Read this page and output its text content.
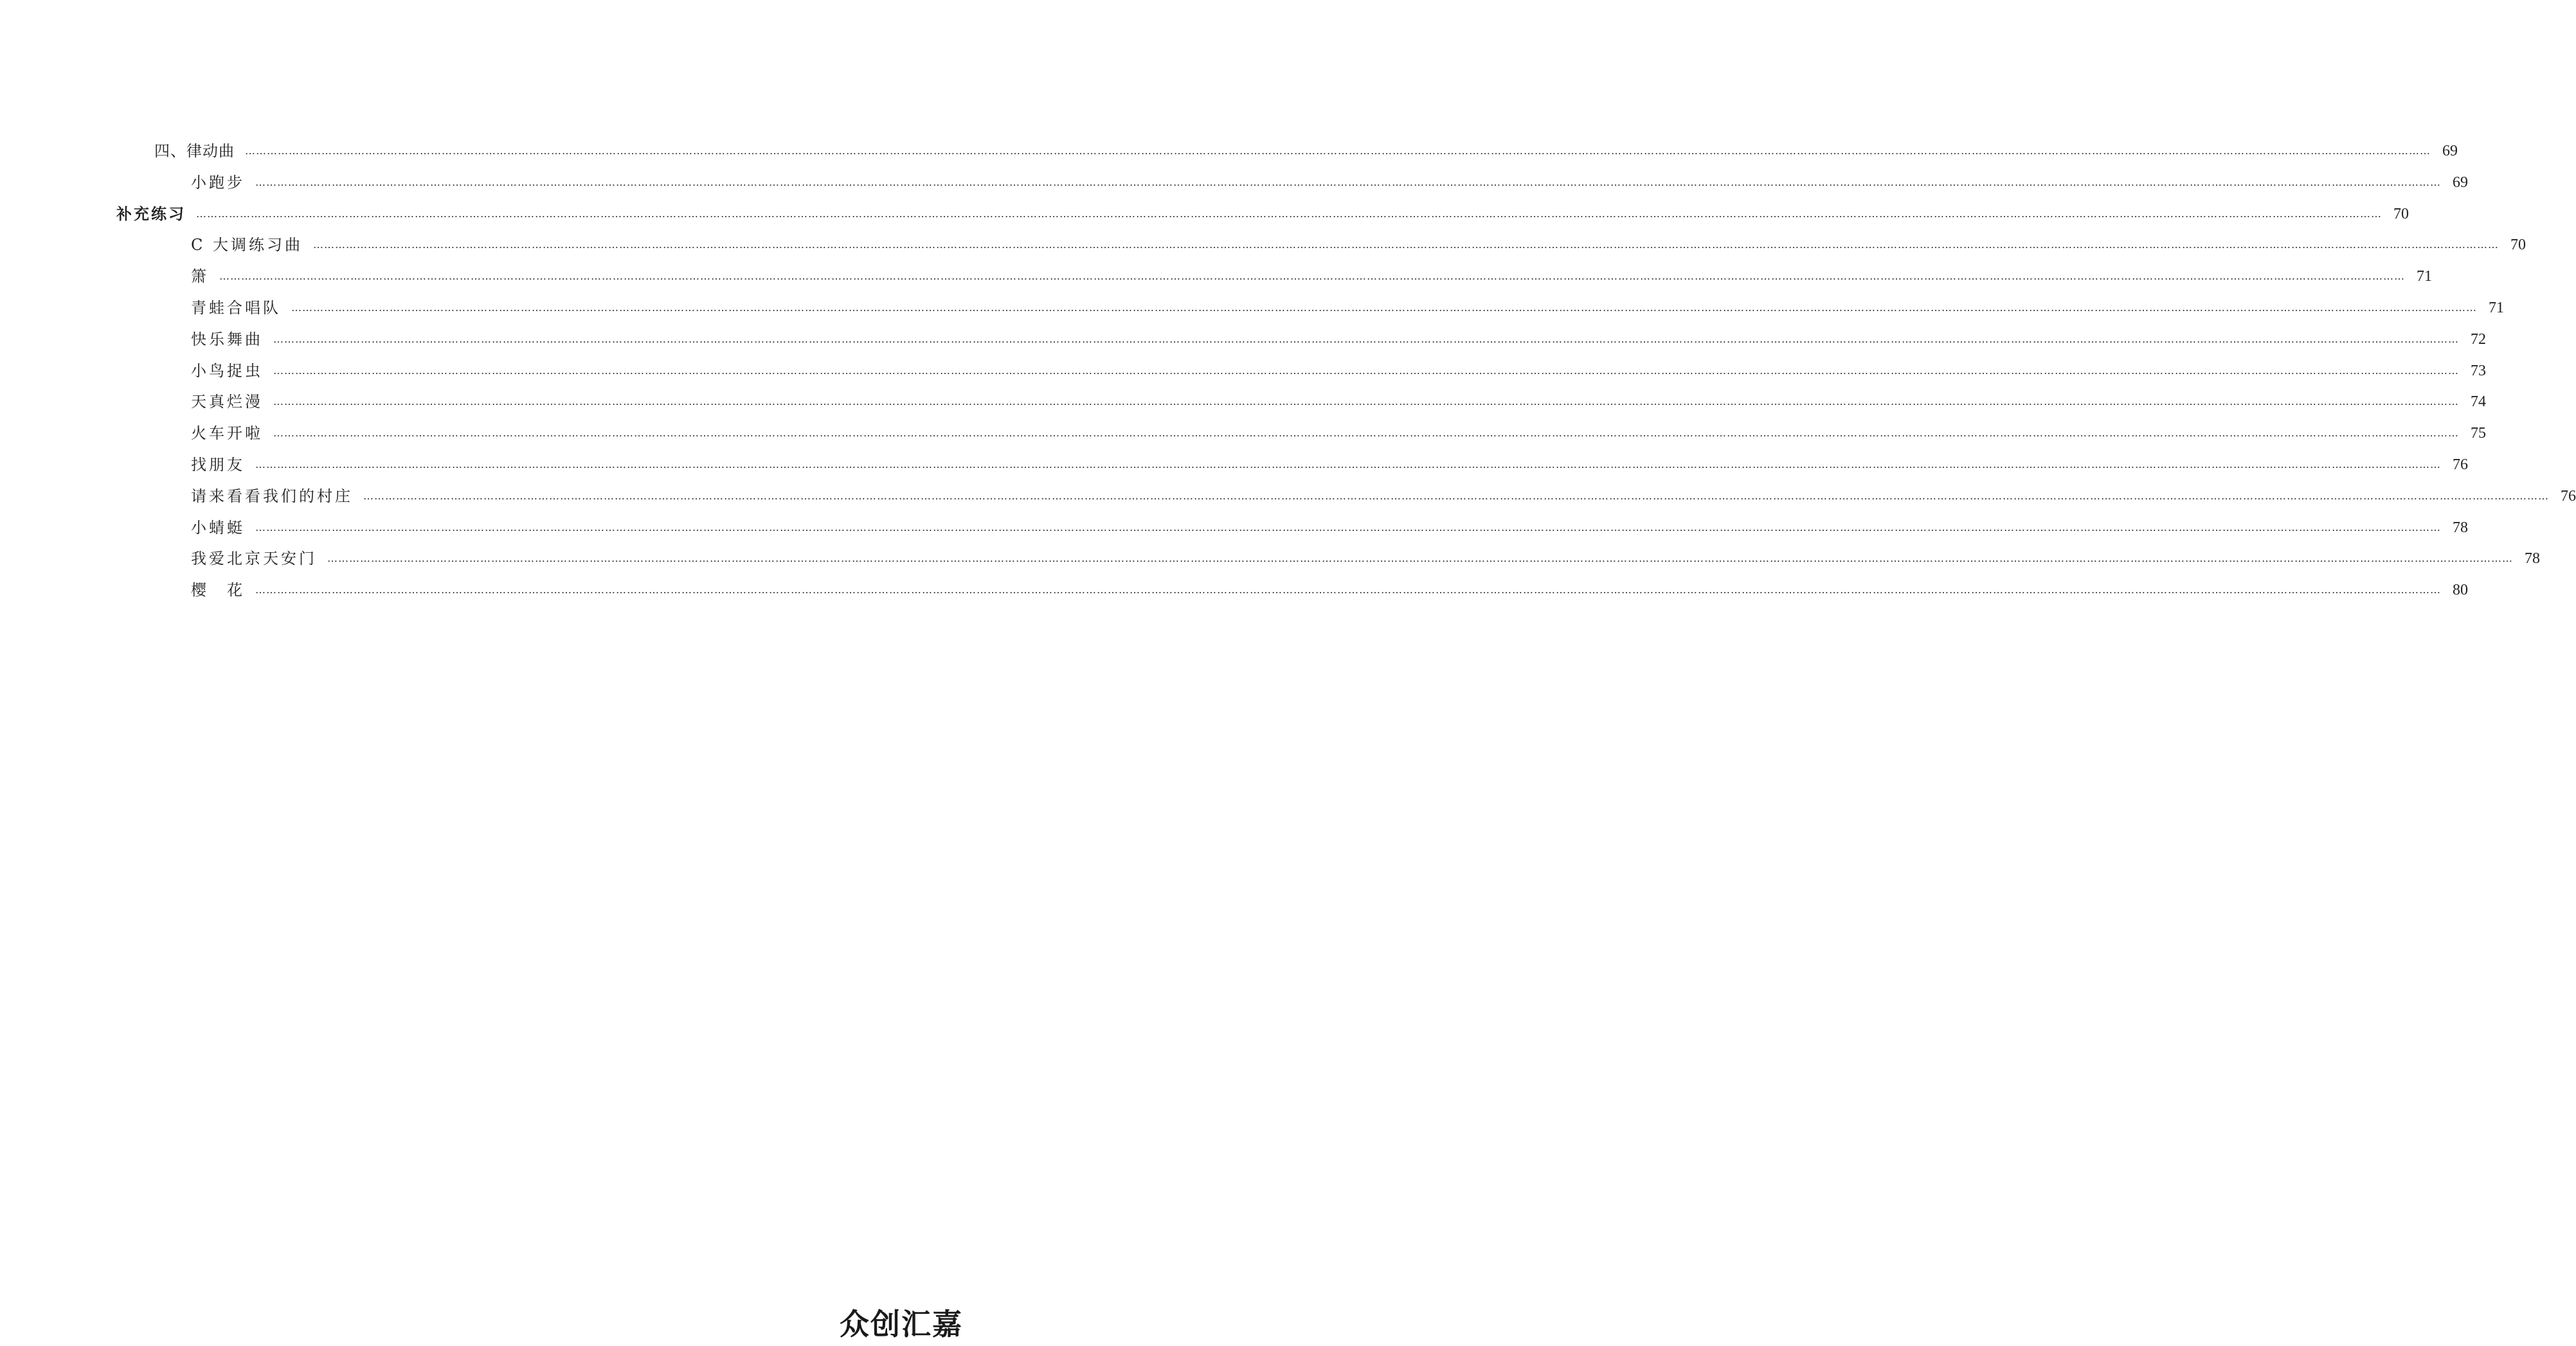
四、律动曲 …………………………………………………………………………………………………………………………………………………………………………………………………………………………………………………………………………………………………………………………………………………………………………………………………………………………………………………………………………………………………………………………………………………… 69
小跑步 …………………………………………………………………………………………………………………………………………………………………………………………………………………………………………………………………………………………………………………………………………………………………………………………………………………………………………………………………………………………………………………………………………………… 69
补充练习 …………………………………………………………………………………………………………………………………………………………………………………………………………………………………………………………………………………………………………………………………………………………………………………………………………………………………………………………………………………………………………………………………………………… 70
C 大调练习曲 …………………………………………………………………………………………………………………………………………………………………………………………………………………………………………………………………………………………………………………………………………………………………………………………………………………………………………………………………………………………………………………………………………………… 70
箫 …………………………………………………………………………………………………………………………………………………………………………………………………………………………………………………………………………………………………………………………………………………………………………………………………………………………………………………………………………………………………………………………………………………… 71
青蛙合唱队 …………………………………………………………………………………………………………………………………………………………………………………………………………………………………………………………………………………………………………………………………………………………………………………………………………………………………………………………………………………………………………………………………………………… 71
快乐舞曲 …………………………………………………………………………………………………………………………………………………………………………………………………………………………………………………………………………………………………………………………………………………………………………………………………………………………………………………………………………………………………………………………………………………… 72
小鸟捉虫 …………………………………………………………………………………………………………………………………………………………………………………………………………………………………………………………………………………………………………………………………………………………………………………………………………………………………………………………………………………………………………………………………………………… 73
天真烂漫 …………………………………………………………………………………………………………………………………………………………………………………………………………………………………………………………………………………………………………………………………………………………………………………………………………………………………………………………………………………………………………………………………………………… 74
火车开啦 …………………………………………………………………………………………………………………………………………………………………………………………………………………………………………………………………………………………………………………………………………………………………………………………………………………………………………………………………………………………………………………………………………………… 75
找朋友 …………………………………………………………………………………………………………………………………………………………………………………………………………………………………………………………………………………………………………………………………………………………………………………………………………………………………………………………………………………………………………………………………………………… 76
请来看看我们的村庄 …………………………………………………………………………………………………………………………………………………………………………………………………………………………………………………………………………………………………………………………………………………………………………………………………………………………………………………………………………………………………………………………………………………… 76
小蜻蜓 …………………………………………………………………………………………………………………………………………………………………………………………………………………………………………………………………………………………………………………………………………………………………………………………………………………………………………………………………………………………………………………………………………………… 78
我爱北京天安门 …………………………………………………………………………………………………………………………………………………………………………………………………………………………………………………………………………………………………………………………………………………………………………………………………………………………………………………………………………………………………………………………………………………… 78
樱　花 …………………………………………………………………………………………………………………………………………………………………………………………………………………………………………………………………………………………………………………………………………………………………………………………………………………………………………………………………………………………………………………………………………………… 80
众创汇嘉
